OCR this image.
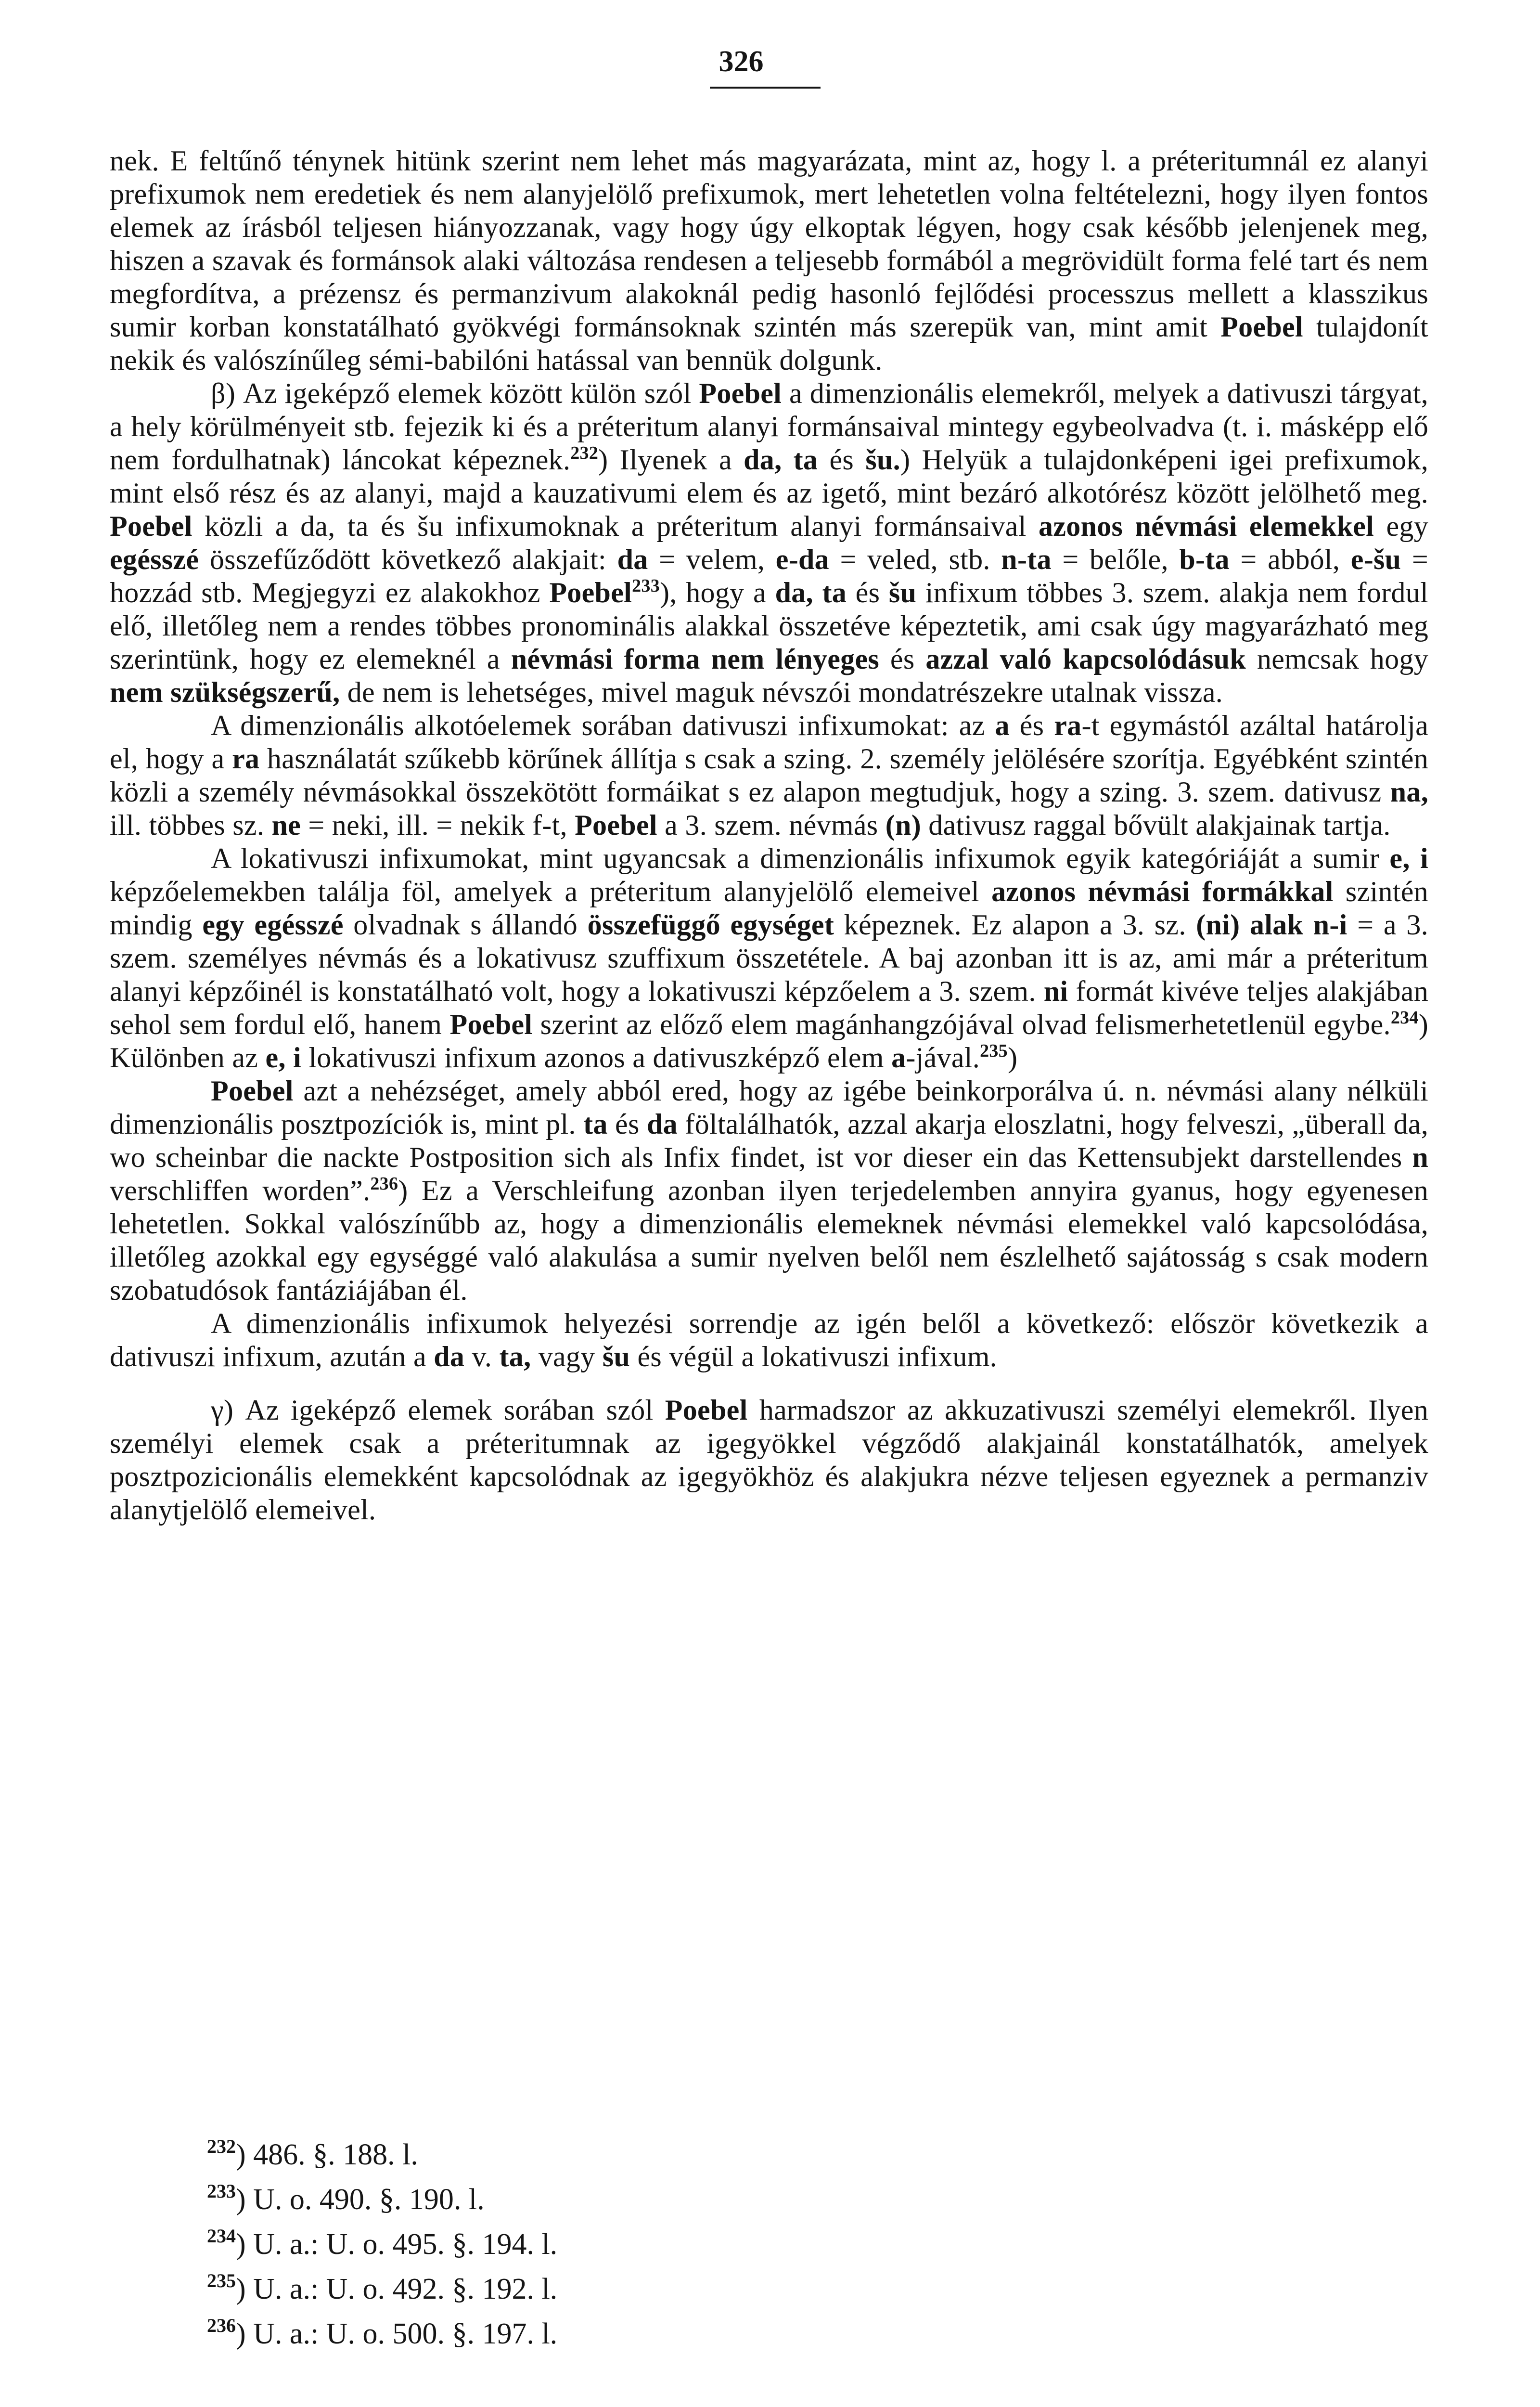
326

nek. E feltűnő ténynek hitünk szerint nem lehet más magyarázata, mint az, hogy l. a préteritumnál ez alanyi prefixumok nem eredetiek és nem alanyjelölő prefixumok, mert lehetetlen volna feltételezni, hogy ilyen fontos elemek az írásból teljesen hiányozzanak, vagy hogy úgy elkoptak légyen, hogy csak később jelenjenek meg, hiszen a szavak és formánsok alaki változása rendesen a teljesebb formából a megrövidült forma felé tart és nem megfordítva, a prézensz és permanzivum alakoknál pedig hasonló fejlődési processzus mellett a klasszikus sumir korban konstatálható gyökvégi formánsoknak szintén más szerepük van, mint amit Poebel tulajdonít nekik és valószínűleg sémi-babilóni hatással van bennük dolgunk.

β) Az igeképző elemek között külön szól Poebel a dimenzionális elemekről, melyek a dativuszi tárgyat, a hely körülményeit stb. fejezik ki és a préteritum alanyi formánsaival mintegy egybeolvadva (t. i. másképp elő nem fordulhatnak) láncokat képeznek.$^{232}$) Ilyenek a da, ta és šu.) Helyük a tulajdonképeni igei prefixumok, mint első rész és az alanyi, majd a kauzativumi elem és az igető, mint bezáró alkotórész között jelölhető meg. Poebel közli a da, ta és šu infixumoknak a préteritum alanyi formánsaival azonos névmási elemekkel egy egésszé összefűződött következő alakjait: da = velem, e-da = veled, stb. n-ta = belőle, b-ta = abból, e-šu = hozzád stb. Megjegyzi ez alakokhoz Poebel$^{233}$), hogy a da, ta és šu infixum többes 3. szem. alakja nem fordul elő, illetőleg nem a rendes többes pronominális alakkal összetéve képeztetik, ami csak úgy magyarázható meg szerintünk, hogy ez elemeknél a névmási forma nem lényeges és azzal való kapcsolódásuk nemcsak hogy nem szükségszerű, de nem is lehetséges, mivel maguk névszói mondatrészekre utalnak vissza.

A dimenzionális alkotóelemek sorában dativuszi infixumokat: az a és ra-t egymástól azáltal határolja el, hogy a ra használatát szűkebb körűnek állítja s csak a szing. 2. személy jelölésére szorítja. Egyébként szintén közli a személy névmásokkal összekötött formáikat s ez alapon megtudjuk, hogy a szing. 3. szem. dativusz na, ill. többes sz. ne = neki, ill. = nekik f-t, Poebel a 3. szem. névmás (n) dativusz raggal bővült alakjainak tartja.

A lokativuszi infixumokat, mint ugyancsak a dimenzionális infixumok egyik kategóriáját a sumir e, i képzőelemekben találja föl, amelyek a préteritum alanyjelölő elemeivel azonos névmási formákkal szintén mindig egy egésszé olvadnak s állandó összefüggő egységet képeznek. Ez alapon a 3. sz. (ni) alak n-i = a 3. szem. személyes névmás és a lokativusz szuffixum összetétele. A baj azonban itt is az, ami már a préteritum alanyi képzőinél is konstatálható volt, hogy a lokativuszi képzőelem a 3. szem. ni formát kivéve teljes alakjában sehol sem fordul elő, hanem Poebel szerint az előző elem magánhangzójával olvad felismerhetetlenül egybe.$^{234}$) Különben az e, i lokativuszi infixum azonos a dativuszképző elem a-jával.$^{235}$)

Poebel azt a nehézséget, amely abból ered, hogy az igébe beinkorporálva ú. n. névmási alany nélküli dimenzionális posztpozíciók is, mint pl. ta és da föltalálhatók, azzal akarja eloszlatni, hogy felveszi, „überall da, wo scheinbar die nackte Postposition sich als Infix findet, ist vor dieser ein das Kettensubjekt darstellendes n verschliffen worden”.$^{236}$) Ez a Verschleifung azonban ilyen terjedelemben annyira gyanus, hogy egyenesen lehetetlen. Sokkal valószínűbb az, hogy a dimenzionális elemeknek névmási elemekkel való kapcsolódása, illetőleg azokkal egy egységgé való alakulása a sumir nyelven belől nem észlelhető sajátosság s csak modern szobatudósok fantáziájában él.

A dimenzionális infixumok helyezési sorrendje az igén belől a következő: először következik a dativuszi infixum, azután a da v. ta, vagy šu és végül a lokativuszi infixum.

γ) Az igeképző elemek sorában szól Poebel harmadszor az akkuzativuszi személyi elemekről. Ilyen személyi elemek csak a préteritumnak az igegyökkel végződő alakjainál konstatálhatók, amelyek posztpozicionális elemekként kapcsolódnak az igegyökhöz és alakjukra nézve teljesen egyeznek a permanziv alanytjelölő elemeivel.

$^{232}$) 486. §. 188. l.
$^{233}$) U. o. 490. §. 190. l.
$^{234}$) U. a.: U. o. 495. §. 194. l.
$^{235}$) U. a.: U. o. 492. §. 192. l.
$^{236}$) U. a.: U. o. 500. §. 197. l.
